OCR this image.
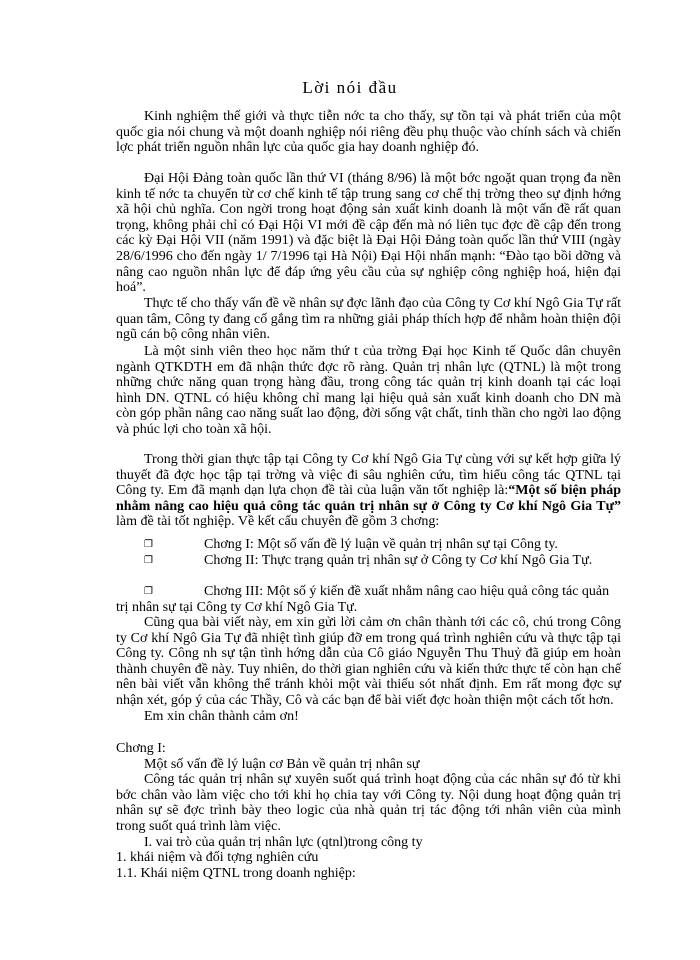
Lời nói đầu

Kinh nghiệm thế giới và thực tiễn nớc ta cho thấy, sự tồn tại và phát triển của một quốc gia nói chung và một doanh nghiệp nói riêng đều phụ thuộc vào chính sách và chiến lợc phát triển nguồn nhân lực của quốc gia hay doanh nghiệp đó.

Đại Hội Đảng toàn quốc lần thứ VI (tháng 8/96) là một bớc ngoặt quan trọng đa nền kinh tế nớc ta chuyển từ cơ chế kinh tế tập trung sang cơ chế thị trờng theo sự định hớng xã hội chủ nghĩa. Con ngời trong hoạt động sản xuất kinh doanh là một vấn đề rất quan trọng, không phải chỉ có Đại Hội VI mới đề cập đến mà nó liên tục đợc đề cập đến trong các kỳ Đại Hội VII (năm 1991) và đặc biệt là Đại Hội Đảng toàn quốc lần thứ VIII (ngày 28/6/1996 cho đến ngày 1/ 7/1996 tại Hà Nội) Đại Hội nhấn mạnh: “Đào tạo bồi dỡng và nâng cao nguồn nhân lực để đáp ứng yêu cầu của sự nghiệp công nghiệp hoá, hiện đại hoá”.

Thực tế cho thấy vấn đề về nhân sự đợc lãnh đạo của Công ty Cơ khí Ngô Gia Tự rất quan tâm, Công ty đang cố gắng tìm ra những giải pháp thích hợp để nhằm hoàn thiện đội ngũ cán bộ công nhân viên.

Là một sinh viên theo học năm thứ t của trờng Đại học Kinh tế Quốc dân chuyên ngành QTKDTH em đã nhận thức đợc rõ ràng. Quản trị nhân lực (QTNL) là một trong những chức năng quan trọng hàng đầu, trong công tác quản trị kinh doanh tại các loại hình DN. QTNL có hiệu không chỉ mang lại hiệu quả sản xuất kinh doanh cho DN mà còn góp phần nâng cao năng suất lao động, đời sống vật chất, tinh thần cho ngời lao động và phúc lợi cho toàn xã hội.

Trong thời gian thực tập tại Công ty Cơ khí Ngô Gia Tự cùng với sự kết hợp giữa lý thuyết đã đợc học tập tại trờng và việc đi sâu nghiên cứu, tìm hiểu công tác QTNL tại Công ty. Em đã mạnh dạn lựa chọn đề tài của luận văn tốt nghiệp là:“Một số biện pháp nhằm nâng cao hiệu quả công tác quản trị nhân sự ở Công ty Cơ khí Ngô Gia Tự” làm đề tài tốt nghiệp. Về kết cấu chuyên đề gồm 3 chơng:

❐	Chơng I: Một số vấn đề lý luận về quản trị nhân sự tại Công ty.
❐	Chơng II: Thực trạng quản trị nhân sự ở Công ty Cơ khí Ngô Gia Tự.
❐	Chơng III: Một số ý kiến đề xuất nhằm nâng cao hiệu quả công tác quản trị nhân sự tại Công ty Cơ khí Ngô Gia Tự.

Cũng qua bài viết này, em xin gửi lời cảm ơn chân thành tới các cô, chú trong Công ty Cơ khí Ngô Gia Tự đã nhiệt tình giúp đỡ em trong quá trình nghiên cứu và thực tập tại Công ty. Công nh sự tận tình hớng dẫn của Cô giáo Nguyễn Thu Thuỷ đã giúp em hoàn thành chuyên đề này. Tuy nhiên, do thời gian nghiên cứu và kiến thức thực tế còn hạn chế nên bài viết vẫn không thể tránh khỏi một vài thiếu sót nhất định. Em rất mong đợc sự nhận xét, góp ý của các Thầy, Cô và các bạn để bài viết đợc hoàn thiện một cách tốt hơn.

Em xin chân thành cảm ơn!

Chơng I:
Một số vấn đề lý luận cơ Bản về quản trị nhân sự

Công tác quản trị nhân sự xuyên suốt quá trình hoạt động của các nhân sự đó từ khi bớc chân vào làm việc cho tới khi họ chia tay với Công ty. Nội dung hoạt động quản trị nhân sự sẽ đợc trình bày theo logic của nhà quản trị tác động tới nhân viên của mình trong suốt quá trình làm việc.

I. vai trò của quản trị nhân lực (qtnl)trong công ty
1. khái niệm và đối tợng nghiên cứu
1.1. Khái niệm QTNL trong doanh nghiệp:
